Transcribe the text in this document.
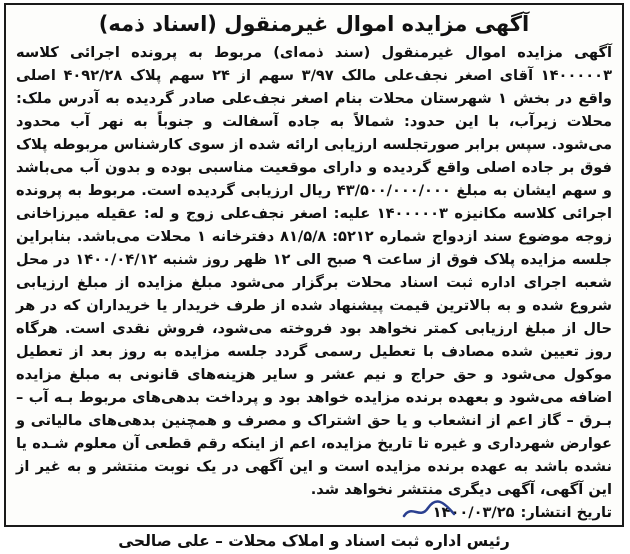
آگهی مزایده اموال غیرمنقول (اسناد ذمه)

آگهی مزایده اموال غیرمنقول (سند ذمه‌ای) مربوط به پرونده اجرائی کلاسه ۱۴۰۰۰۰۰۳ آقای اصغر نجف‌علی مالک ۳/۹۷ سهم از ۲۴ سهم پلاک ۴۰۹۲/۲۸ اصلی واقع در بخش ۱ شهرستان محلات بنام اصغر نجف‌علی صادر گردیده به آدرس ملک: محلات زیرآب، با این حدود: شمالاً به جاده آسفالت و جنوباً به نهر آب محدود می‌شود. سپس برابر صورتجلسه ارزیابی ارائه شده از سوی کارشناس مربوطه پلاک فوق بر جاده اصلی واقع گردیده و دارای موقعیت مناسبی بوده و بدون آب می‌باشد و سهم ایشان به مبلغ ۴۳/۵۰۰/۰۰۰/۰۰۰ ریال ارزیابی گردیده است. مربوط به پرونده اجرائی کلاسه مکانیزه ۱۴۰۰۰۰۰۳ علیه: اصغر نجف‌علی زوج و له: عقیله میرزاخانی زوجه موضوع سند ازدواج شماره ۵۲۱۲: ۸۱/۵/۸ دفترخانه ۱ محلات می‌باشد. بنابراین جلسه مزایده پلاک فوق از ساعت ۹ صبح الی ۱۲ ظهر روز شنبه ۱۴۰۰/۰۴/۱۲ در محل شعبه اجرای اداره ثبت اسناد محلات برگزار می‌شود مبلغ مزایده از مبلغ ارزیابی شروع شده و به بالاترین قیمت پیشنهاد شده از طرف خریدار یا خریداران که در هر حال از مبلغ ارزیابی کمتر نخواهد بود فروخته می‌شود، فروش نقدی است. هرگاه روز تعیین شده مصادف با تعطیل رسمی گردد جلسه مزایده به روز بعد از تعطیل موکول می‌شود و حق حراج و نیم عشر و سایر هزینه‌های قانونی به مبلغ مزایده اضافه می‌شود و بعهده برنده مزایده خواهد بود و پرداخت بدهی‌های مربوط بـه آب – بـرق – گاز اعم از انشعاب و یا حق اشتراک و مصرف و همچنین بدهی‌های مالیاتی و عوارض شهرداری و غیره تا تاریخ مزایده، اعم از اینکه رقم قطعی آن معلوم شـده یا نشده باشد به عهده برنده مزایده است و این آگهی در یک نوبت منتشر و به غیر از این آگهی، آگهی دیگری منتشر نخواهد شد.

تاریخ انتشار:
۱۴۰۰/۰۳/۲۵
رئیس اداره ثبت اسناد و املاک محلات – علی صالحی
